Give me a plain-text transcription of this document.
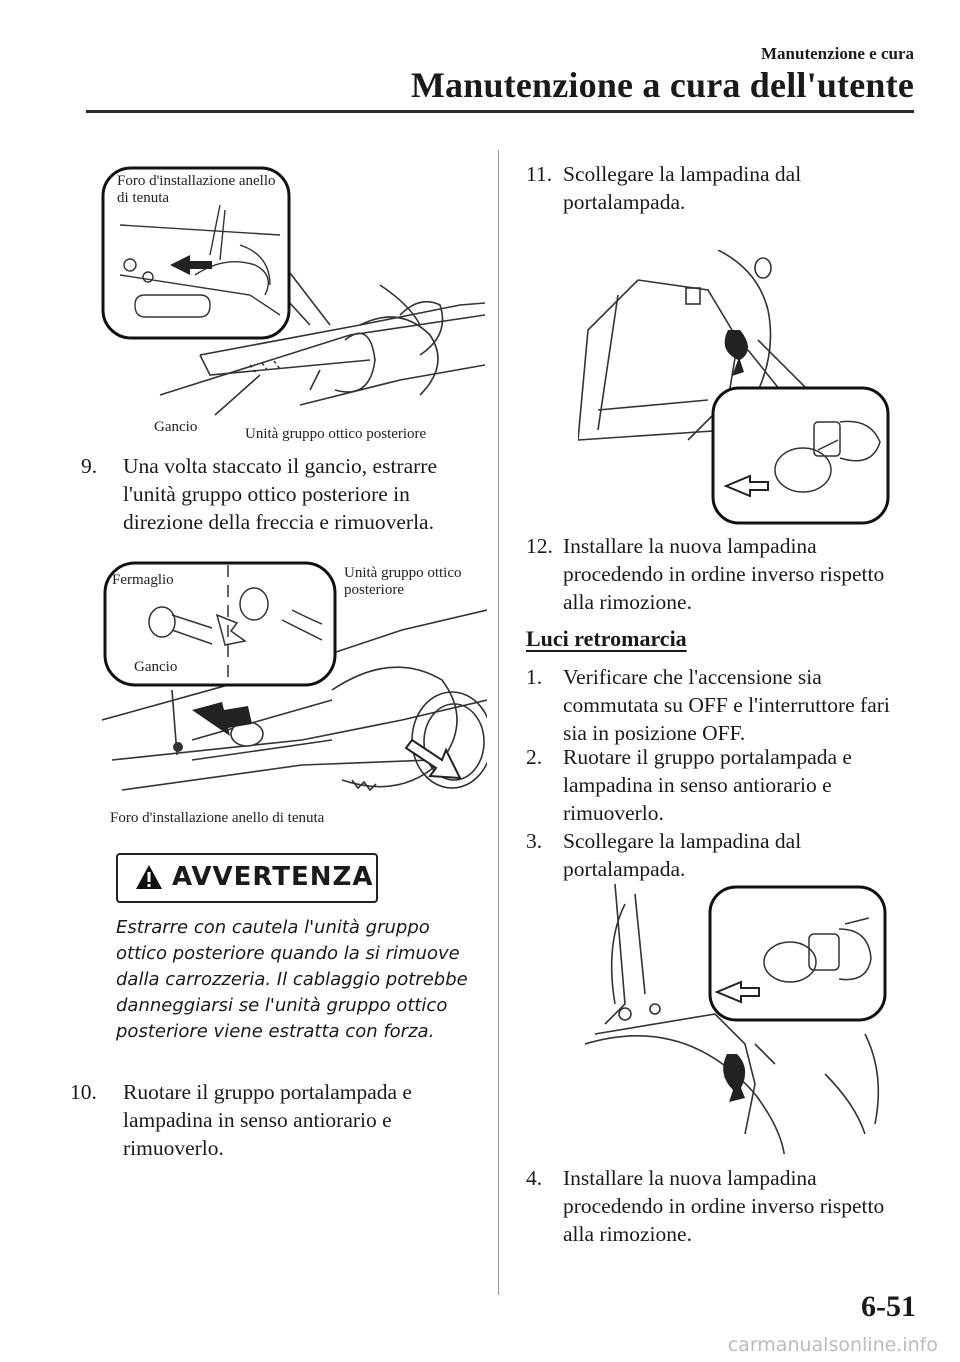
Manutenzione e cura
Manutenzione a cura dell'utente
Foro d'installazione anello di tenuta
Gancio	Unità gruppo ottico posteriore
9.	Una volta staccato il gancio, estrarre l'unità gruppo ottico posteriore in direzione della freccia e rimuoverla.
Fermaglio
Gancio
Unità gruppo ottico posteriore
Foro d'installazione anello di tenuta
AVVERTENZA
Estrarre con cautela l'unità gruppo ottico posteriore quando la si rimuove dalla carrozzeria. Il cablaggio potrebbe danneggiarsi se l'unità gruppo ottico posteriore viene estratta con forza.
10.	Ruotare il gruppo portalampada e lampadina in senso antiorario e rimuoverlo.
11. Scollegare la lampadina dal portalampada.
12. Installare la nuova lampadina procedendo in ordine inverso rispetto alla rimozione.
Luci retromarcia
1. Verificare che l'accensione sia commutata su OFF e l'interruttore fari sia in posizione OFF.
2. Ruotare il gruppo portalampada e lampadina in senso antiorario e rimuoverlo.
3. Scollegare la lampadina dal portalampada.
4. Installare la nuova lampadina procedendo in ordine inverso rispetto alla rimozione.
6-51
carmanualsonline.info
